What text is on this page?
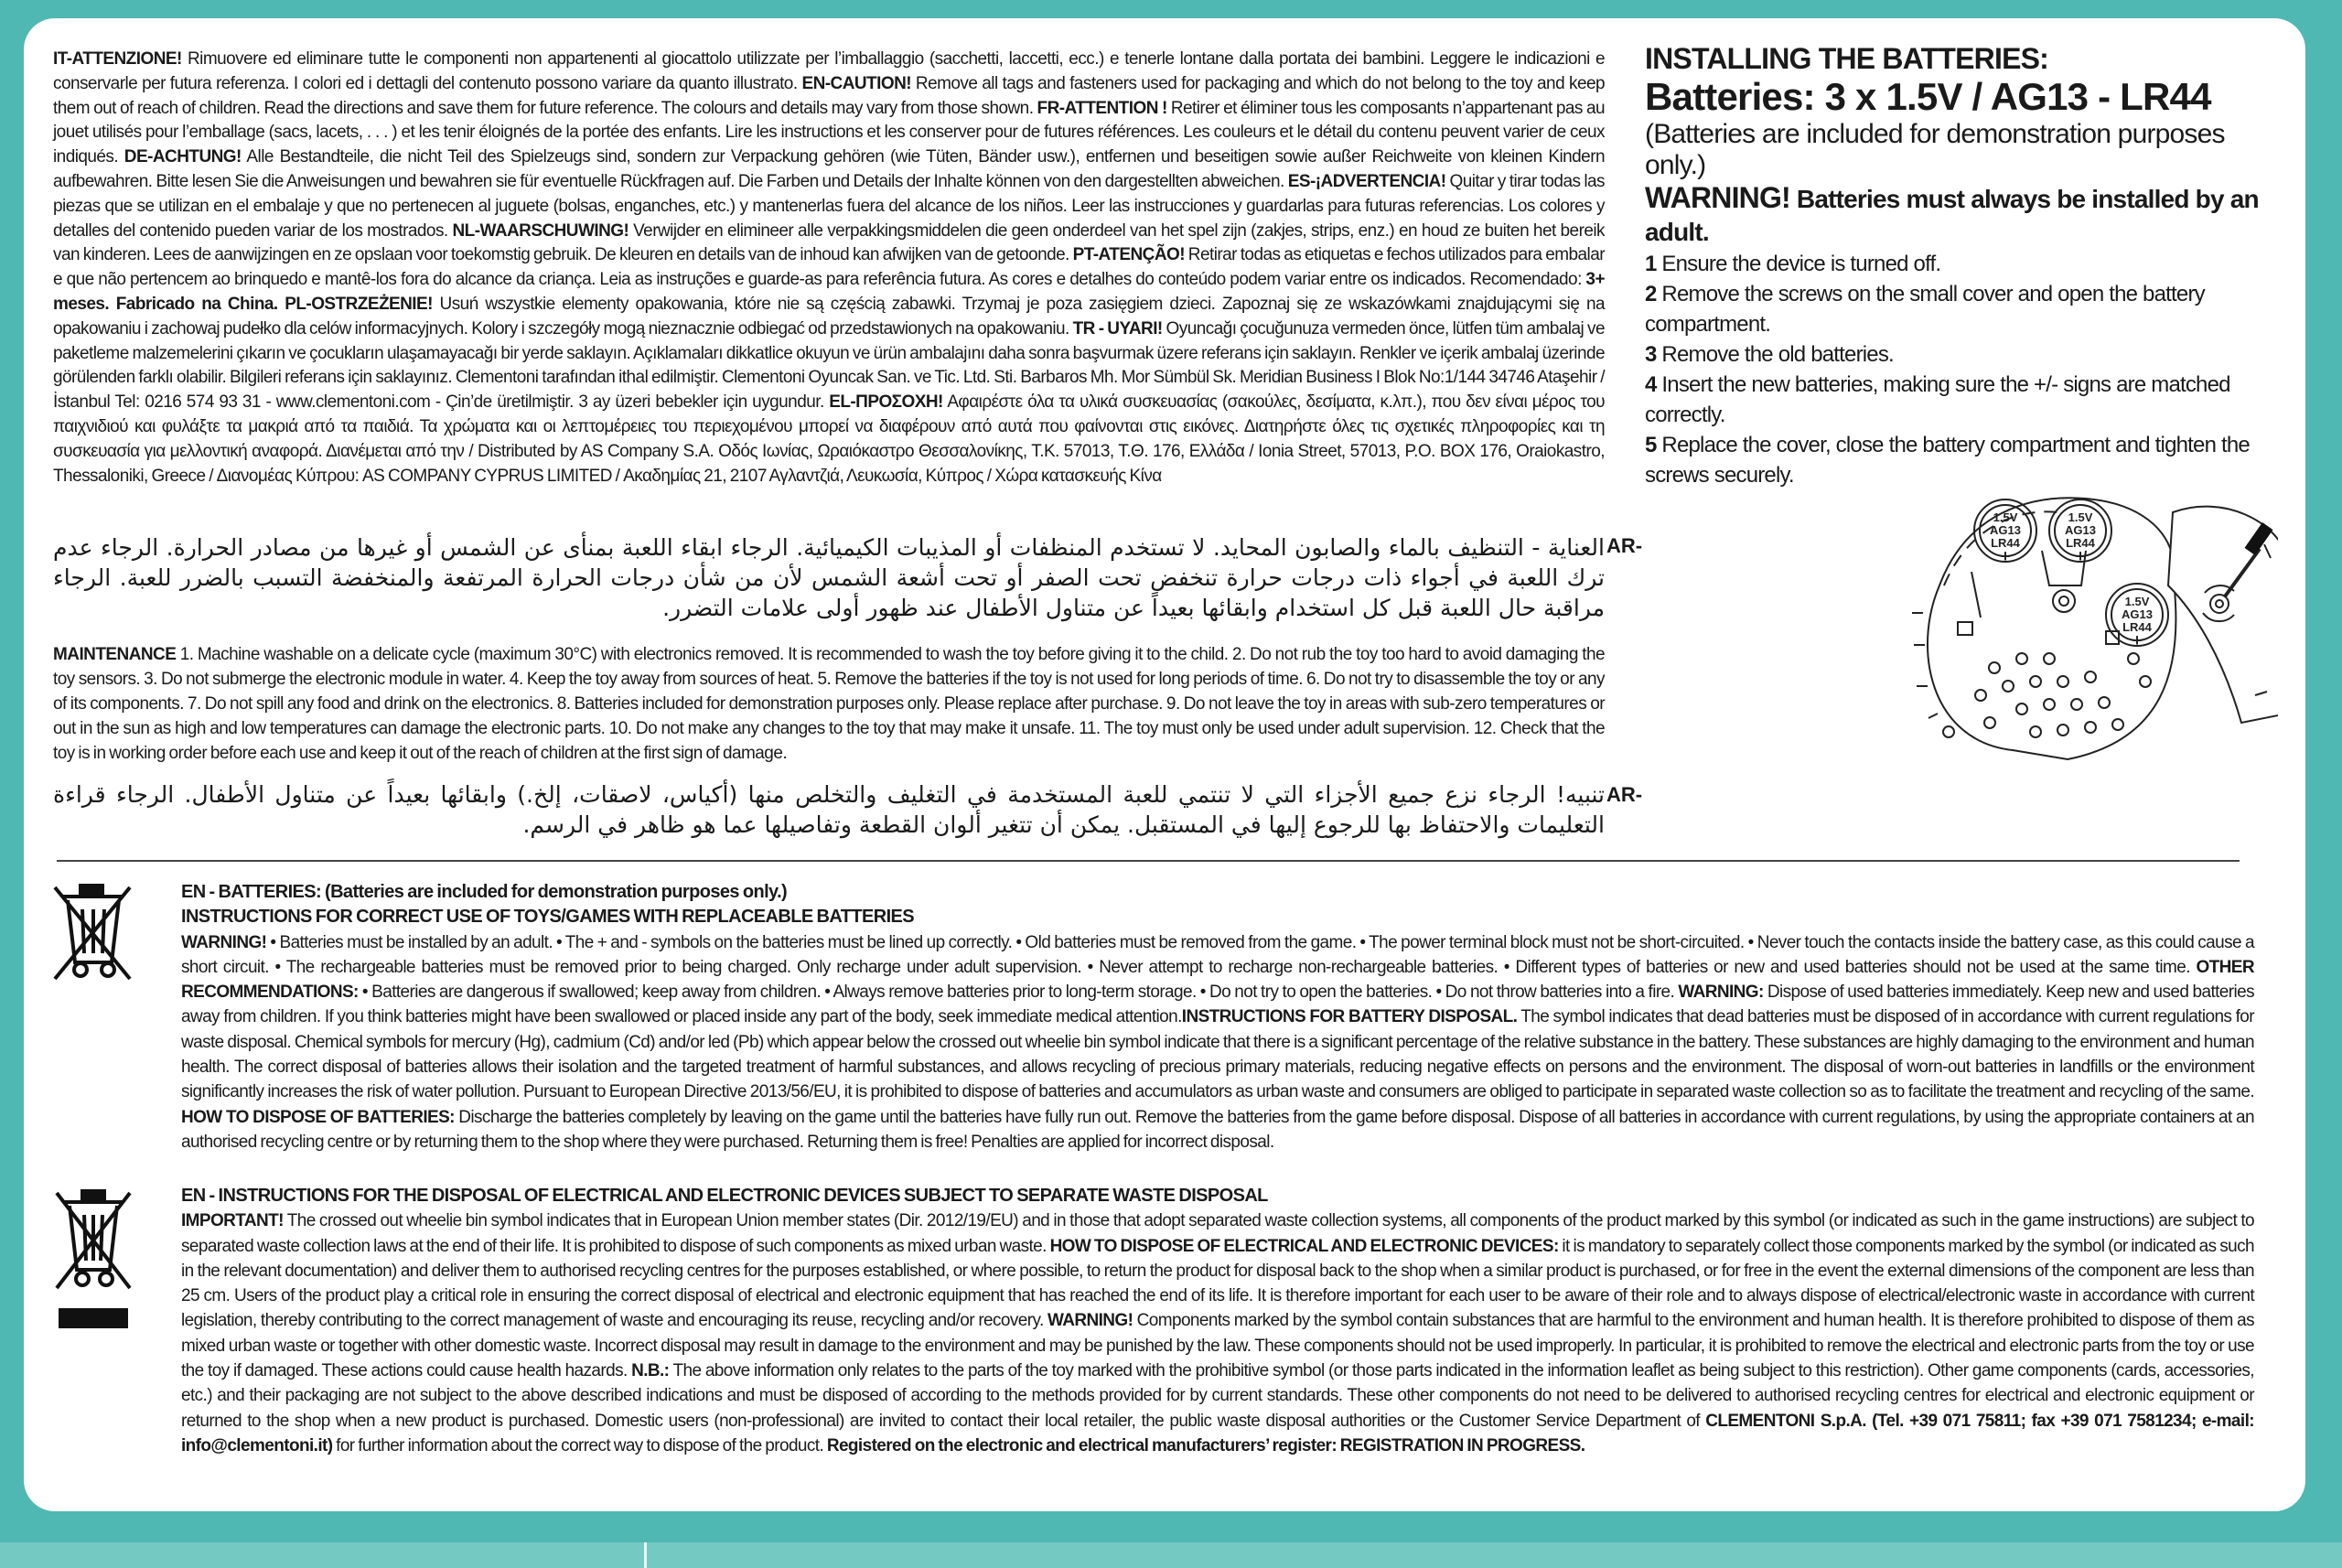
IT-ATTENZIONE! Rimuovere ed eliminare tutte le componenti non appartenenti al giocattolo utilizzate per l’imballaggio (sacchetti, laccetti, ecc.) e tenerle lontane dalla portata dei bambini. Leggere le indicazioni e conservarle per futura referenza. I colori ed i dettagli del contenuto possono variare da quanto illustrato. EN-CAUTION! Remove all tags and fasteners used for packaging and which do not belong to the toy and keep them out of reach of children. Read the directions and save them for future reference. The colours and details may vary from those shown. FR-ATTENTION ! Retirer et éliminer tous les composants n’appartenant pas au jouet utilisés pour l’emballage (sacs, lacets, . . . ) et les tenir éloignés de la portée des enfants. Lire les instructions et les conserver pour de futures références. Les couleurs et le détail du contenu peuvent varier de ceux indiqués. DE-ACHTUNG! Alle Bestandteile, die nicht Teil des Spielzeugs sind, sondern zur Verpackung gehören (wie Tüten, Bänder usw.), entfernen und beseitigen sowie außer Reichweite von kleinen Kindern aufbewahren. Bitte lesen Sie die Anweisungen und bewahren sie für eventuelle Rückfragen auf. Die Farben und Details der Inhalte können von den dargestellten abweichen. ES-¡ADVERTENCIA! Quitar y tirar todas las piezas que se utilizan en el embalaje y que no pertenecen al juguete (bolsas, enganches, etc.) y mantenerlas fuera del alcance de los niños. Leer las instrucciones y guardarlas para futuras referencias. Los colores y detalles del contenido pueden variar de los mostrados. NL-WAARSCHUWING! Verwijder en elimineer alle verpakkingsmiddelen die geen onderdeel van het spel zijn (zakjes, strips, enz.) en houd ze buiten het bereik van kinderen. Lees de aanwijzingen en ze opslaan voor toekomstig gebruik. De kleuren en details van de inhoud kan afwijken van de getoonde. PT-ATENÇÃO! Retirar todas as etiquetas e fechos utilizados para embalar e que não pertencem ao brinquedo e mantê-los fora do alcance da criança. Leia as instruções e guarde-as para referência futura. As cores e detalhes do conteúdo podem variar entre os indicados. Recomendado: 3+ meses. Fabricado na China. PL-OSTRZEŻENIE! Usuń wszystkie elementy opakowania, które nie są częścią zabawki. Trzymaj je poza zasięgiem dzieci. Zapoznaj się ze wskazówkami znajdującymi się na opakowaniu i zachowaj pudełko dla celów informacyjnych. Kolory i szczegóły mogą nieznacznie odbiegać od przedstawionych na opakowaniu. TR - UYARI! Oyuncağı çocuğunuza vermeden önce, lütfen tüm ambalaj ve paketleme malzemelerini çıkarın ve çocukların ulaşamayacağı bir yerde saklayın. Açıklamaları dikkatlice okuyun ve ürün ambalajını daha sonra başvurmak üzere referans için saklayın. Renkler ve içerik ambalaj üzerinde görülenden farklı olabilir. Bilgileri referans için saklayınız. Clementoni tarafından ithal edilmiştir. Clementoni Oyuncak San. ve Tic. Ltd. Sti. Barbaros Mh. Mor Sümbül Sk. Meridian Business I Blok No:1/144 34746 Ataşehir / İstanbul Tel: 0216 574 93 31 - www.clementoni.com - Çin’de üretilmiştir. 3 ay üzeri bebekler için uygundur. EL-ΠΡΟΣΟΧΗ! Αφαιρέστε όλα τα υλικά συσκευασίας (σακούλες, δεσίματα, κ.λπ.), που δεν είναι μέρος του παιχνιδιού και φυλάξτε τα μακριά από τα παιδιά. Τα χρώματα και οι λεπτομέρειες του περιεχομένου μπορεί να διαφέρουν από αυτά που φαίνονται στις εικόνες. Διατηρήστε όλες τις σχετικές πληροφορίες και τη συσκευασία για μελλοντική αναφορά. Διανέμεται από την / Distributed by AS Company S.A. Οδός Ιωνίας, Ωραιόκαστρο Θεσσαλονίκης, Τ.Κ. 57013, Τ.Θ. 176, Ελλάδα / Ionia Street, 57013, P.O. BOX 176, Oraiokastro, Thessaloniki, Greece / Διανομέας Κύπρου: AS COMPANY CYPRUS LIMITED / Ακαδημίας 21, 2107 Αγλαντζιά, Λευκωσία, Κύπρος / Χώρα κατασκευής Κίνα
العناية - التنظيف بالماء والصابون المحايد. لا تستخدم المنظفات أو المذيبات الكيميائية. الرجاء ابقاء اللعبة بمنأى عن الشمس أو غيرها من مصادر الحرارة. الرجاء عدم ترك اللعبة في أجواء ذات درجات حرارة تنخفض تحت الصفر أو تحت أشعة الشمس لأن من شأن درجات الحرارة المرتفعة والمنخفضة التسبب بالضرر للعبة. الرجاء مراقبة حال اللعبة قبل كل استخدام وابقائها بعيداً عن متناول الأطفال عند ظهور أولى علامات التضرر.
AR-
MAINTENANCE 1. Machine washable on a delicate cycle (maximum 30°C) with electronics removed. It is recommended to wash the toy before giving it to the child. 2. Do not rub the toy too hard to avoid damaging the toy sensors. 3. Do not submerge the electronic module in water. 4. Keep the toy away from sources of heat. 5. Remove the batteries if the toy is not used for long periods of time. 6. Do not try to disassemble the toy or any of its components. 7. Do not spill any food and drink on the electronics. 8. Batteries included for demonstration purposes only. Please replace after purchase. 9. Do not leave the toy in areas with sub-zero temperatures or out in the sun as high and low temperatures can damage the electronic parts. 10. Do not make any changes to the toy that may make it unsafe. 11. The toy must only be used under adult supervision. 12. Check that the toy is in working order before each use and keep it out of the reach of children at the first sign of damage.
تنبيه! الرجاء نزع جميع الأجزاء التي لا تنتمي للعبة المستخدمة في التغليف والتخلص منها (أكياس، لاصقات، إلخ.) وابقائها بعيداً عن متناول الأطفال. الرجاء قراءة التعليمات والاحتفاظ بها للرجوع إليها في المستقبل. يمكن أن تتغير ألوان القطعة وتفاصيلها عما هو ظاهر في الرسم.
AR-
INSTALLING THE BATTERIES:
Batteries: 3 x 1.5V / AG13 - LR44
(Batteries are included for demonstration purposes only.)
WARNING! Batteries must always be installed by an adult.
1 Ensure the device is turned off.
2 Remove the screws on the small cover and open the battery compartment.
3 Remove the old batteries.
4 Insert the new batteries, making sure the +/- signs are matched correctly.
5 Replace the cover, close the battery compartment and tighten the screws securely.
1.5V
AG13
LR44
+
1.5V
AG13
LR44
+
1.5V
AG13
LR44
+
EN - BATTERIES: (Batteries are included for demonstration purposes only.)
INSTRUCTIONS FOR CORRECT USE OF TOYS/GAMES WITH REPLACEABLE BATTERIES
WARNING! • Batteries must be installed by an adult. • The + and - symbols on the batteries must be lined up correctly. • Old batteries must be removed from the game. • The power terminal block must not be short-circuited. • Never touch the contacts inside the battery case, as this could cause a short circuit. • The rechargeable batteries must be removed prior to being charged. Only recharge under adult supervision. • Never attempt to recharge non-rechargeable batteries. • Different types of batteries or new and used batteries should not be used at the same time. OTHER RECOMMENDATIONS: • Batteries are dangerous if swallowed; keep away from children. • Always remove batteries prior to long-term storage. • Do not try to open the batteries. • Do not throw batteries into a fire. WARNING: Dispose of used batteries immediately. Keep new and used batteries away from children. If you think batteries might have been swallowed or placed inside any part of the body, seek immediate medical attention.INSTRUCTIONS FOR BATTERY DISPOSAL. The symbol indicates that dead batteries must be disposed of in accordance with current regulations for waste disposal. Chemical symbols for mercury (Hg), cadmium (Cd) and/or led (Pb) which appear below the crossed out wheelie bin symbol indicate that there is a significant percentage of the relative substance in the battery. These substances are highly damaging to the environment and human health. The correct disposal of batteries allows their isolation and the targeted treatment of harmful substances, and allows recycling of precious primary materials, reducing negative effects on persons and the environment. The disposal of worn-out batteries in landfills or the environment significantly increases the risk of water pollution. Pursuant to European Directive 2013/56/EU, it is prohibited to dispose of batteries and accumulators as urban waste and consumers are obliged to participate in separated waste collection so as to facilitate the treatment and recycling of the same. HOW TO DISPOSE OF BATTERIES: Discharge the batteries completely by leaving on the game until the batteries have fully run out. Remove the batteries from the game before disposal. Dispose of all batteries in accordance with current regulations, by using the appropriate containers at an authorised recycling centre or by returning them to the shop where they were purchased. Returning them is free! Penalties are applied for incorrect disposal.
EN - INSTRUCTIONS FOR THE DISPOSAL OF ELECTRICAL AND ELECTRONIC DEVICES SUBJECT TO SEPARATE WASTE DISPOSAL
IMPORTANT! The crossed out wheelie bin symbol indicates that in European Union member states (Dir. 2012/19/EU) and in those that adopt separated waste collection systems, all components of the product marked by this symbol (or indicated as such in the game instructions) are subject to separated waste collection laws at the end of their life. It is prohibited to dispose of such components as mixed urban waste. HOW TO DISPOSE OF ELECTRICAL AND ELECTRONIC DEVICES: it is mandatory to separately collect those components marked by the symbol (or indicated as such in the relevant documentation) and deliver them to authorised recycling centres for the purposes established, or where possible, to return the product for disposal back to the shop when a similar product is purchased, or for free in the event the external dimensions of the component are less than 25 cm. Users of the product play a critical role in ensuring the correct disposal of electrical and electronic equipment that has reached the end of its life. It is therefore important for each user to be aware of their role and to always dispose of electrical/electronic waste in accordance with current legislation, thereby contributing to the correct management of waste and encouraging its reuse, recycling and/or recovery. WARNING! Components marked by the symbol contain substances that are harmful to the environment and human health. It is therefore prohibited to dispose of them as mixed urban waste or together with other domestic waste. Incorrect disposal may result in damage to the environment and may be punished by the law. These components should not be used improperly. In particular, it is prohibited to remove the electrical and electronic parts from the toy or use the toy if damaged. These actions could cause health hazards. N.B.: The above information only relates to the parts of the toy marked with the prohibitive symbol (or those parts indicated in the information leaflet as being subject to this restriction). Other game components (cards, accessories, etc.) and their packaging are not subject to the above described indications and must be disposed of according to the methods provided for by current standards. These other components do not need to be delivered to authorised recycling centres for electrical and electronic equipment or returned to the shop when a new product is purchased. Domestic users (non-professional) are invited to contact their local retailer, the public waste disposal authorities or the Customer Service Department of CLEMENTONI S.p.A. (Tel. +39 071 75811; fax +39 071 7581234; e-mail: info@clementoni.it) for further information about the correct way to dispose of the product. Registered on the electronic and electrical manufacturers’ register: REGISTRATION IN PROGRESS.
